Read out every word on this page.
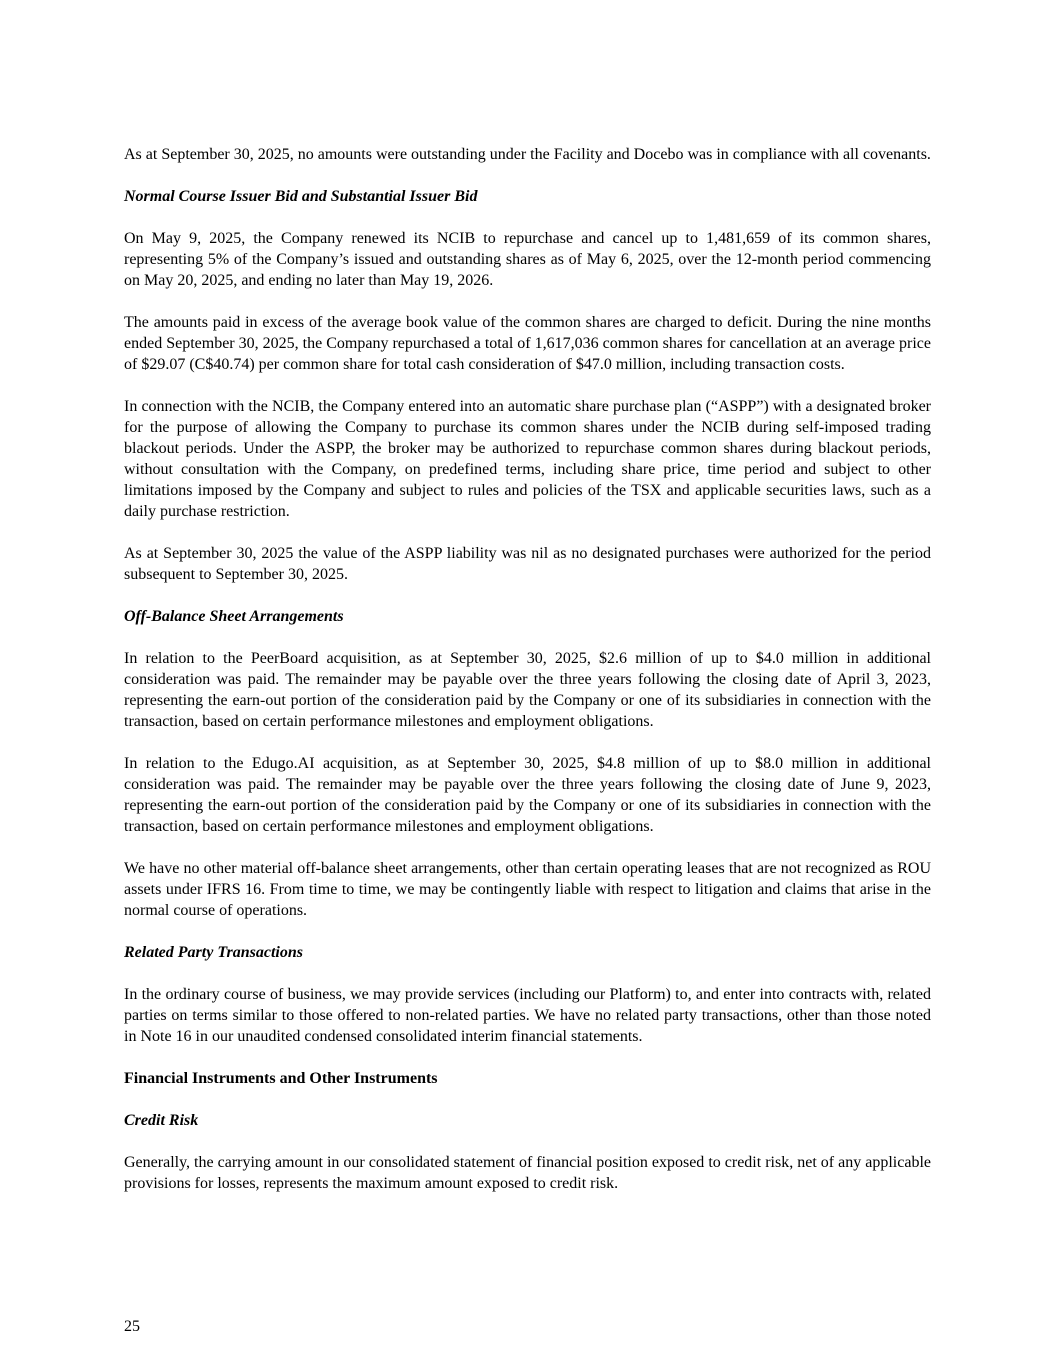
As at September 30, 2025, no amounts were outstanding under the Facility and Docebo was in compliance with all covenants.

Normal Course Issuer Bid and Substantial Issuer Bid

On May 9, 2025, the Company renewed its NCIB to repurchase and cancel up to 1,481,659 of its common shares, representing 5% of the Company’s issued and outstanding shares as of May 6, 2025, over the 12-month period commencing on May 20, 2025, and ending no later than May 19, 2026.

The amounts paid in excess of the average book value of the common shares are charged to deficit. During the nine months ended September 30, 2025, the Company repurchased a total of 1,617,036 common shares for cancellation at an average price of $29.07 (C$40.74) per common share for total cash consideration of $47.0 million, including transaction costs.

In connection with the NCIB, the Company entered into an automatic share purchase plan (“ASPP”) with a designated broker for the purpose of allowing the Company to purchase its common shares under the NCIB during self-imposed trading blackout periods. Under the ASPP, the broker may be authorized to repurchase common shares during blackout periods, without consultation with the Company, on predefined terms, including share price, time period and subject to other limitations imposed by the Company and subject to rules and policies of the TSX and applicable securities laws, such as a daily purchase restriction.

As at September 30, 2025 the value of the ASPP liability was nil as no designated purchases were authorized for the period subsequent to September 30, 2025.

Off-Balance Sheet Arrangements

In relation to the PeerBoard acquisition, as at September 30, 2025, $2.6 million of up to $4.0 million in additional consideration was paid. The remainder may be payable over the three years following the closing date of April 3, 2023, representing the earn-out portion of the consideration paid by the Company or one of its subsidiaries in connection with the transaction, based on certain performance milestones and employment obligations.

In relation to the Edugo.AI acquisition, as at September 30, 2025, $4.8 million of up to $8.0 million in additional consideration was paid. The remainder may be payable over the three years following the closing date of June 9, 2023, representing the earn-out portion of the consideration paid by the Company or one of its subsidiaries in connection with the transaction, based on certain performance milestones and employment obligations.

We have no other material off-balance sheet arrangements, other than certain operating leases that are not recognized as ROU assets under IFRS 16. From time to time, we may be contingently liable with respect to litigation and claims that arise in the normal course of operations.

Related Party Transactions

In the ordinary course of business, we may provide services (including our Platform) to, and enter into contracts with, related parties on terms similar to those offered to non-related parties. We have no related party transactions, other than those noted in Note 16 in our unaudited condensed consolidated interim financial statements.

Financial Instruments and Other Instruments
Credit Risk

Generally, the carrying amount in our consolidated statement of financial position exposed to credit risk, net of any applicable provisions for losses, represents the maximum amount exposed to credit risk.

25
